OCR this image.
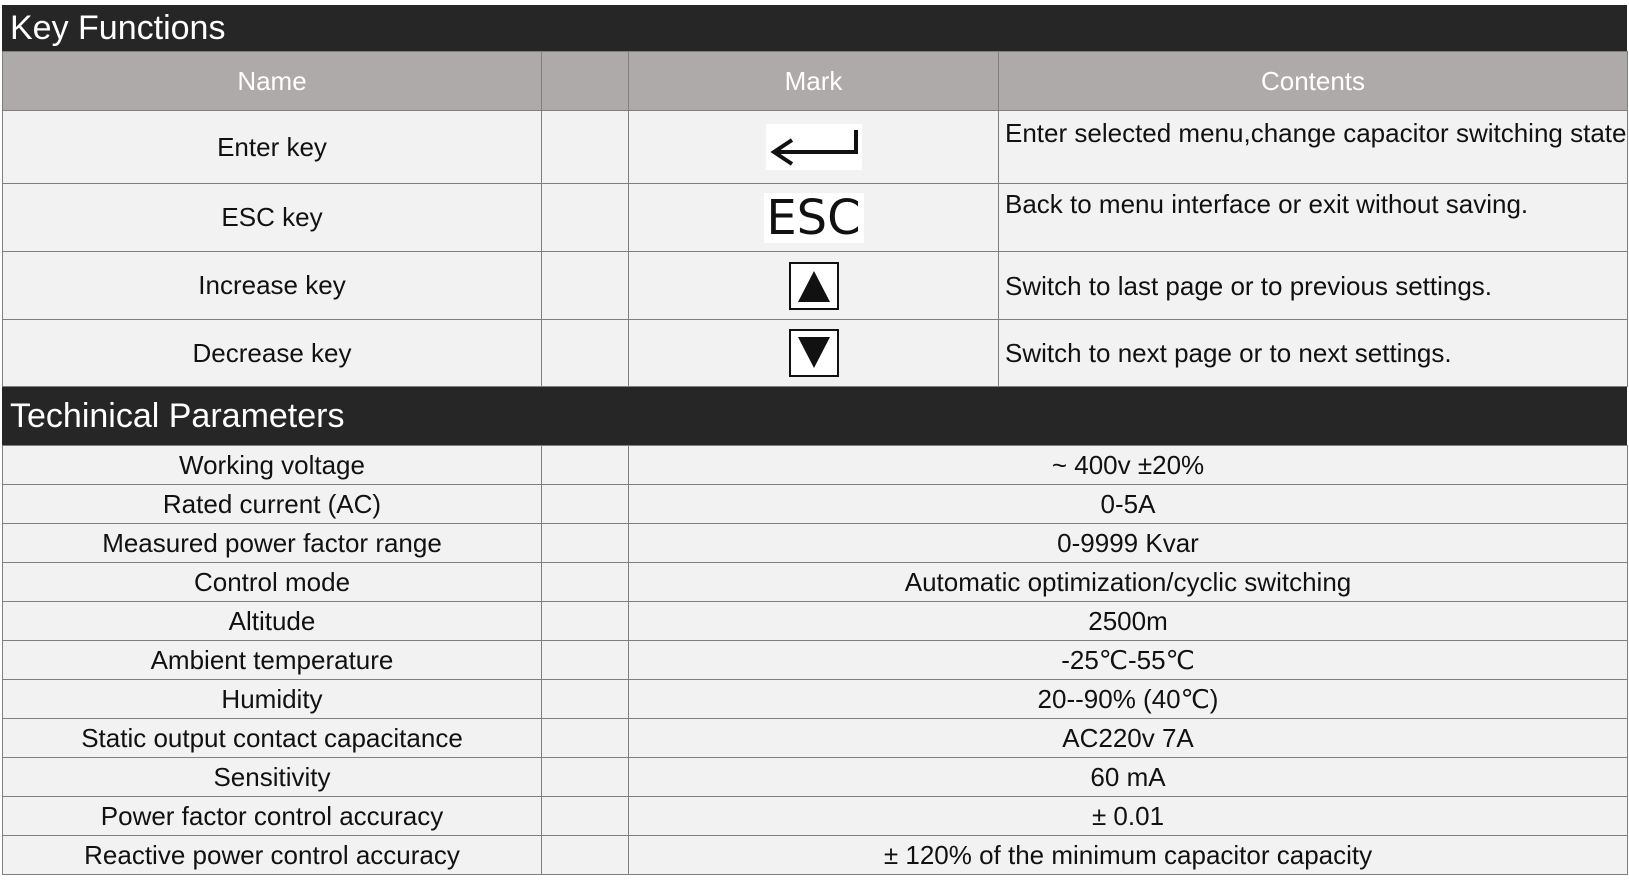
Key Functions
Name		Mark	Contents
Enter key			Enter selected menu,change capacitor switching state

ESC key		ESC	Back to menu interface or exit without saving.

Increase key			Switch to last page or to previous settings.
Decrease key			Switch to next page or to next settings.
Techinical Parameters
Working voltage		~ 400v ±20%
Rated current (AC)		0-5A
Measured power factor range		0-9999 Kvar
Control mode		Automatic optimization/cyclic switching
Altitude		2500m
Ambient temperature		-25℃-55℃
Humidity		20--90% (40℃)
Static output contact capacitance		AC220v 7A
Sensitivity		60 mA
Power factor control accuracy		± 0.01
Reactive power control accuracy		± 120% of the minimum capacitor capacity
